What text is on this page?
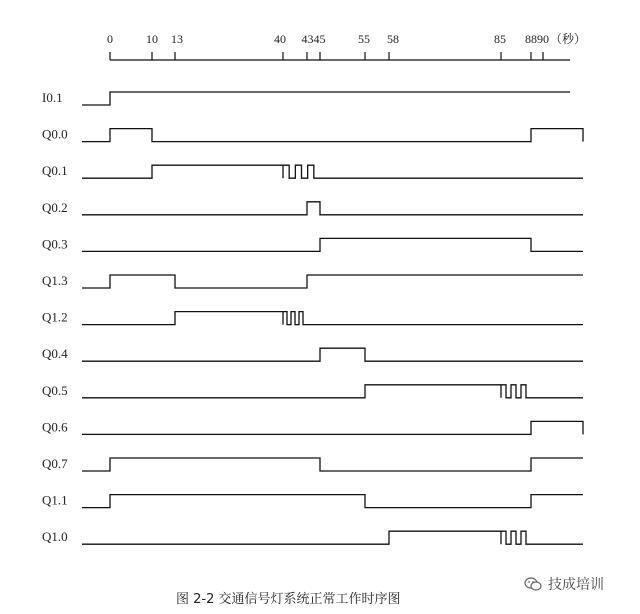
0	10 13	40 4345	55 58	85 8890 （秒）
I0.1
Q0.0
Q0.1
Q0.2
Q0.3
Q1.3
Q1.2
Q0.4
Q0.5
Q0.6
Q0.7
Q1.1
Q1.0
图 2-2 交通信号灯系统正常工作时序图
技成培训
